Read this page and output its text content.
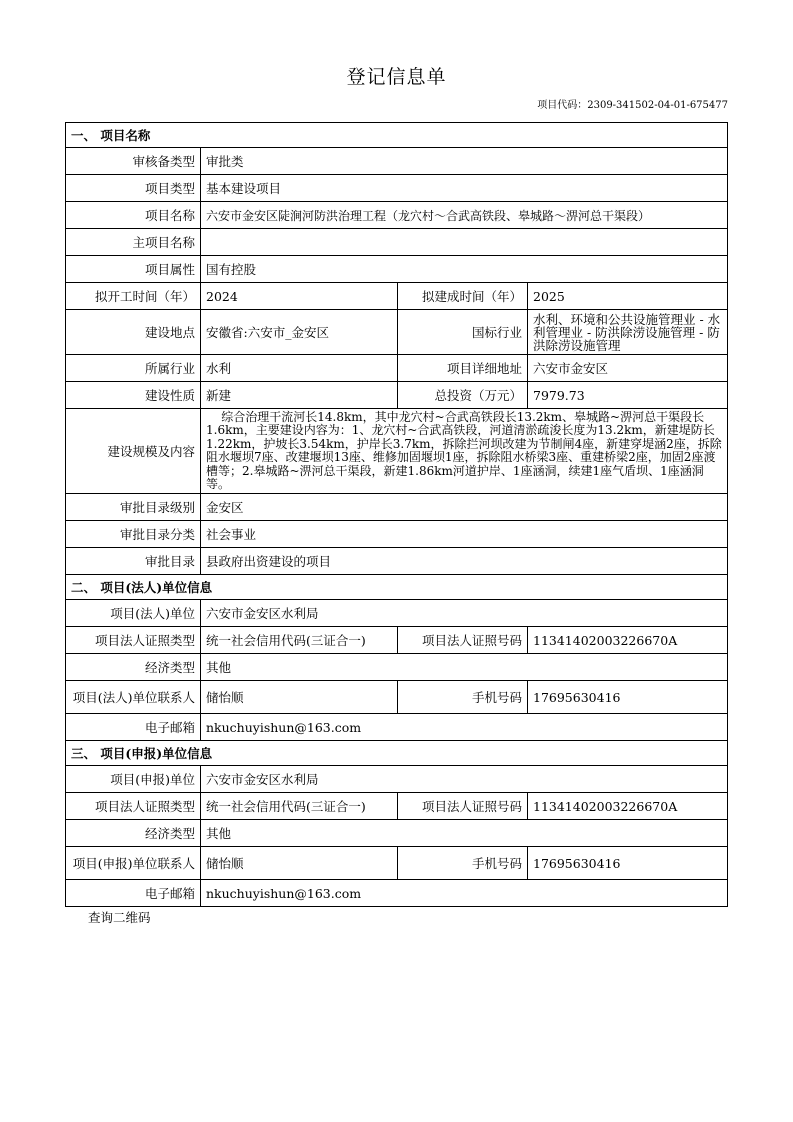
登记信息单
项目代码：2309-341502-04-01-675477
一、 项目名称			
审核备类型	审批类		
项目类型	基本建设项目		
项目名称	六安市金安区陡涧河防洪治理工程（龙穴村～合武高铁段、皋城路～淠河总干渠段）		
主项目名称			
项目属性	国有控股		
拟开工时间（年）	2024	拟建成时间（年）	2025
建设地点	安徽省:六安市_金安区	国标行业	水利、环境和公共设施管理业 - 水利管理业 - 防洪除涝设施管理 - 防洪除涝设施管理
所属行业	水利	项目详细地址	六安市金安区
建设性质	新建	总投资（万元）	7979.73
建设规模及内容	综合治理干流河长14.8km，其中龙穴村~合武高铁段长13.2km、皋城路~淠河总干渠段长1.6km，主要建设内容为：1、龙穴村~合武高铁段，河道清淤疏浚长度为13.2km，新建堤防长1.22km，护坡长3.54km，护岸长3.7km，拆除拦河坝改建为节制闸4座，新建穿堤涵2座，拆除阻水堰坝7座、改建堰坝13座、维修加固堰坝1座，拆除阻水桥梁3座、重建桥梁2座，加固2座渡槽等；2.皋城路~淠河总干渠段，新建1.86km河道护岸、1座涵洞，续建1座气盾坝、1座涵洞等。		
审批目录级别	金安区		
审批目录分类	社会事业		
审批目录	县政府出资建设的项目		
二、 项目(法人)单位信息			
项目(法人)单位	六安市金安区水利局		
项目法人证照类型	统一社会信用代码(三证合一)	项目法人证照号码	11341402003226670A
经济类型	其他		
项目(法人)单位联系人	储怡顺	手机号码	17695630416
电子邮箱	nkuchuyishun@163.com		
三、 项目(申报)单位信息			
项目(申报)单位	六安市金安区水利局		
项目法人证照类型	统一社会信用代码(三证合一)	项目法人证照号码	11341402003226670A
经济类型	其他		
项目(申报)单位联系人	储怡顺	手机号码	17695630416
电子邮箱	nkuchuyishun@163.com		
查询二维码
